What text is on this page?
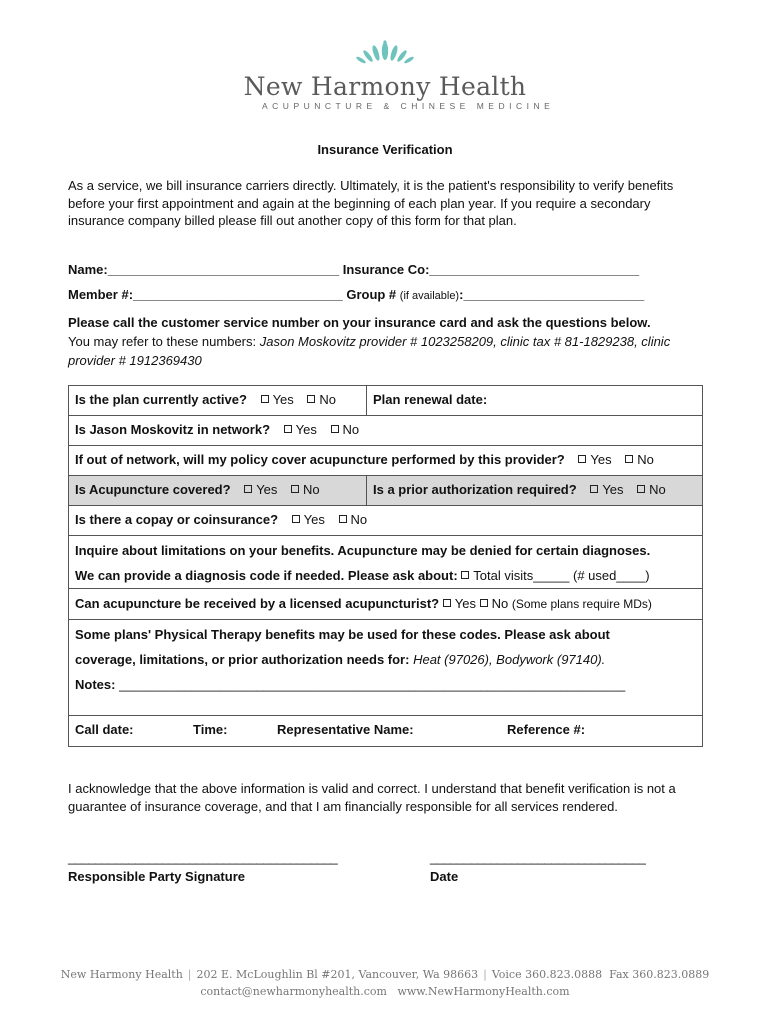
New Harmony Health
ACUPUNCTURE & CHINESE MEDICINE
Insurance Verification
As a service, we bill insurance carriers directly. Ultimately, it is the patient's responsibility to verify benefits before your first appointment and again at the beginning of each plan year. If you require a secondary insurance company billed please fill out another copy of this form for that plan.
Name:________________________________ Insurance Co:_____________________________
Member #:_____________________________ Group # (if available):_________________________
Please call the customer service number on your insurance card and ask the questions below.
You may refer to these numbers: Jason Moskovitz provider # 1023258209, clinic tax # 81-1829238, clinic provider # 1912369430
Is the plan currently active? Yes No	Plan renewal date:
Is Jason Moskovitz in network? Yes No
If out of network, will my policy cover acupuncture performed by this provider? Yes No
Is Acupuncture covered? Yes No	Is a prior authorization required? Yes No
Is there a copay or coinsurance? Yes No
Inquire about limitations on your benefits. Acupuncture may be denied for certain diagnoses.
We can provide a diagnosis code if needed. Please ask about: Total visits_____ (# used____)
Can acupuncture be received by a licensed acupuncturist? Yes No (Some plans require MDs)
Some plans' Physical Therapy benefits may be used for these codes. Please ask about
coverage, limitations, or prior authorization needs for: Heat (97026), Bodywork (97140).
Notes: ______________________________________________________________________
Call date:	Time:	Representative Name:	Reference #:
I acknowledge that the above information is valid and correct. I understand that benefit verification is not a guarantee of insurance coverage, and that I am financially responsible for all services rendered.
________________________________________	________________________________
Responsible Party Signature	Date
New Harmony Health | 202 E. McLoughlin Bl #201, Vancouver, Wa 98663 | Voice 360.823.0888 Fax 360.823.0889
contact@newharmonyhealth.com www.NewHarmonyHealth.com
